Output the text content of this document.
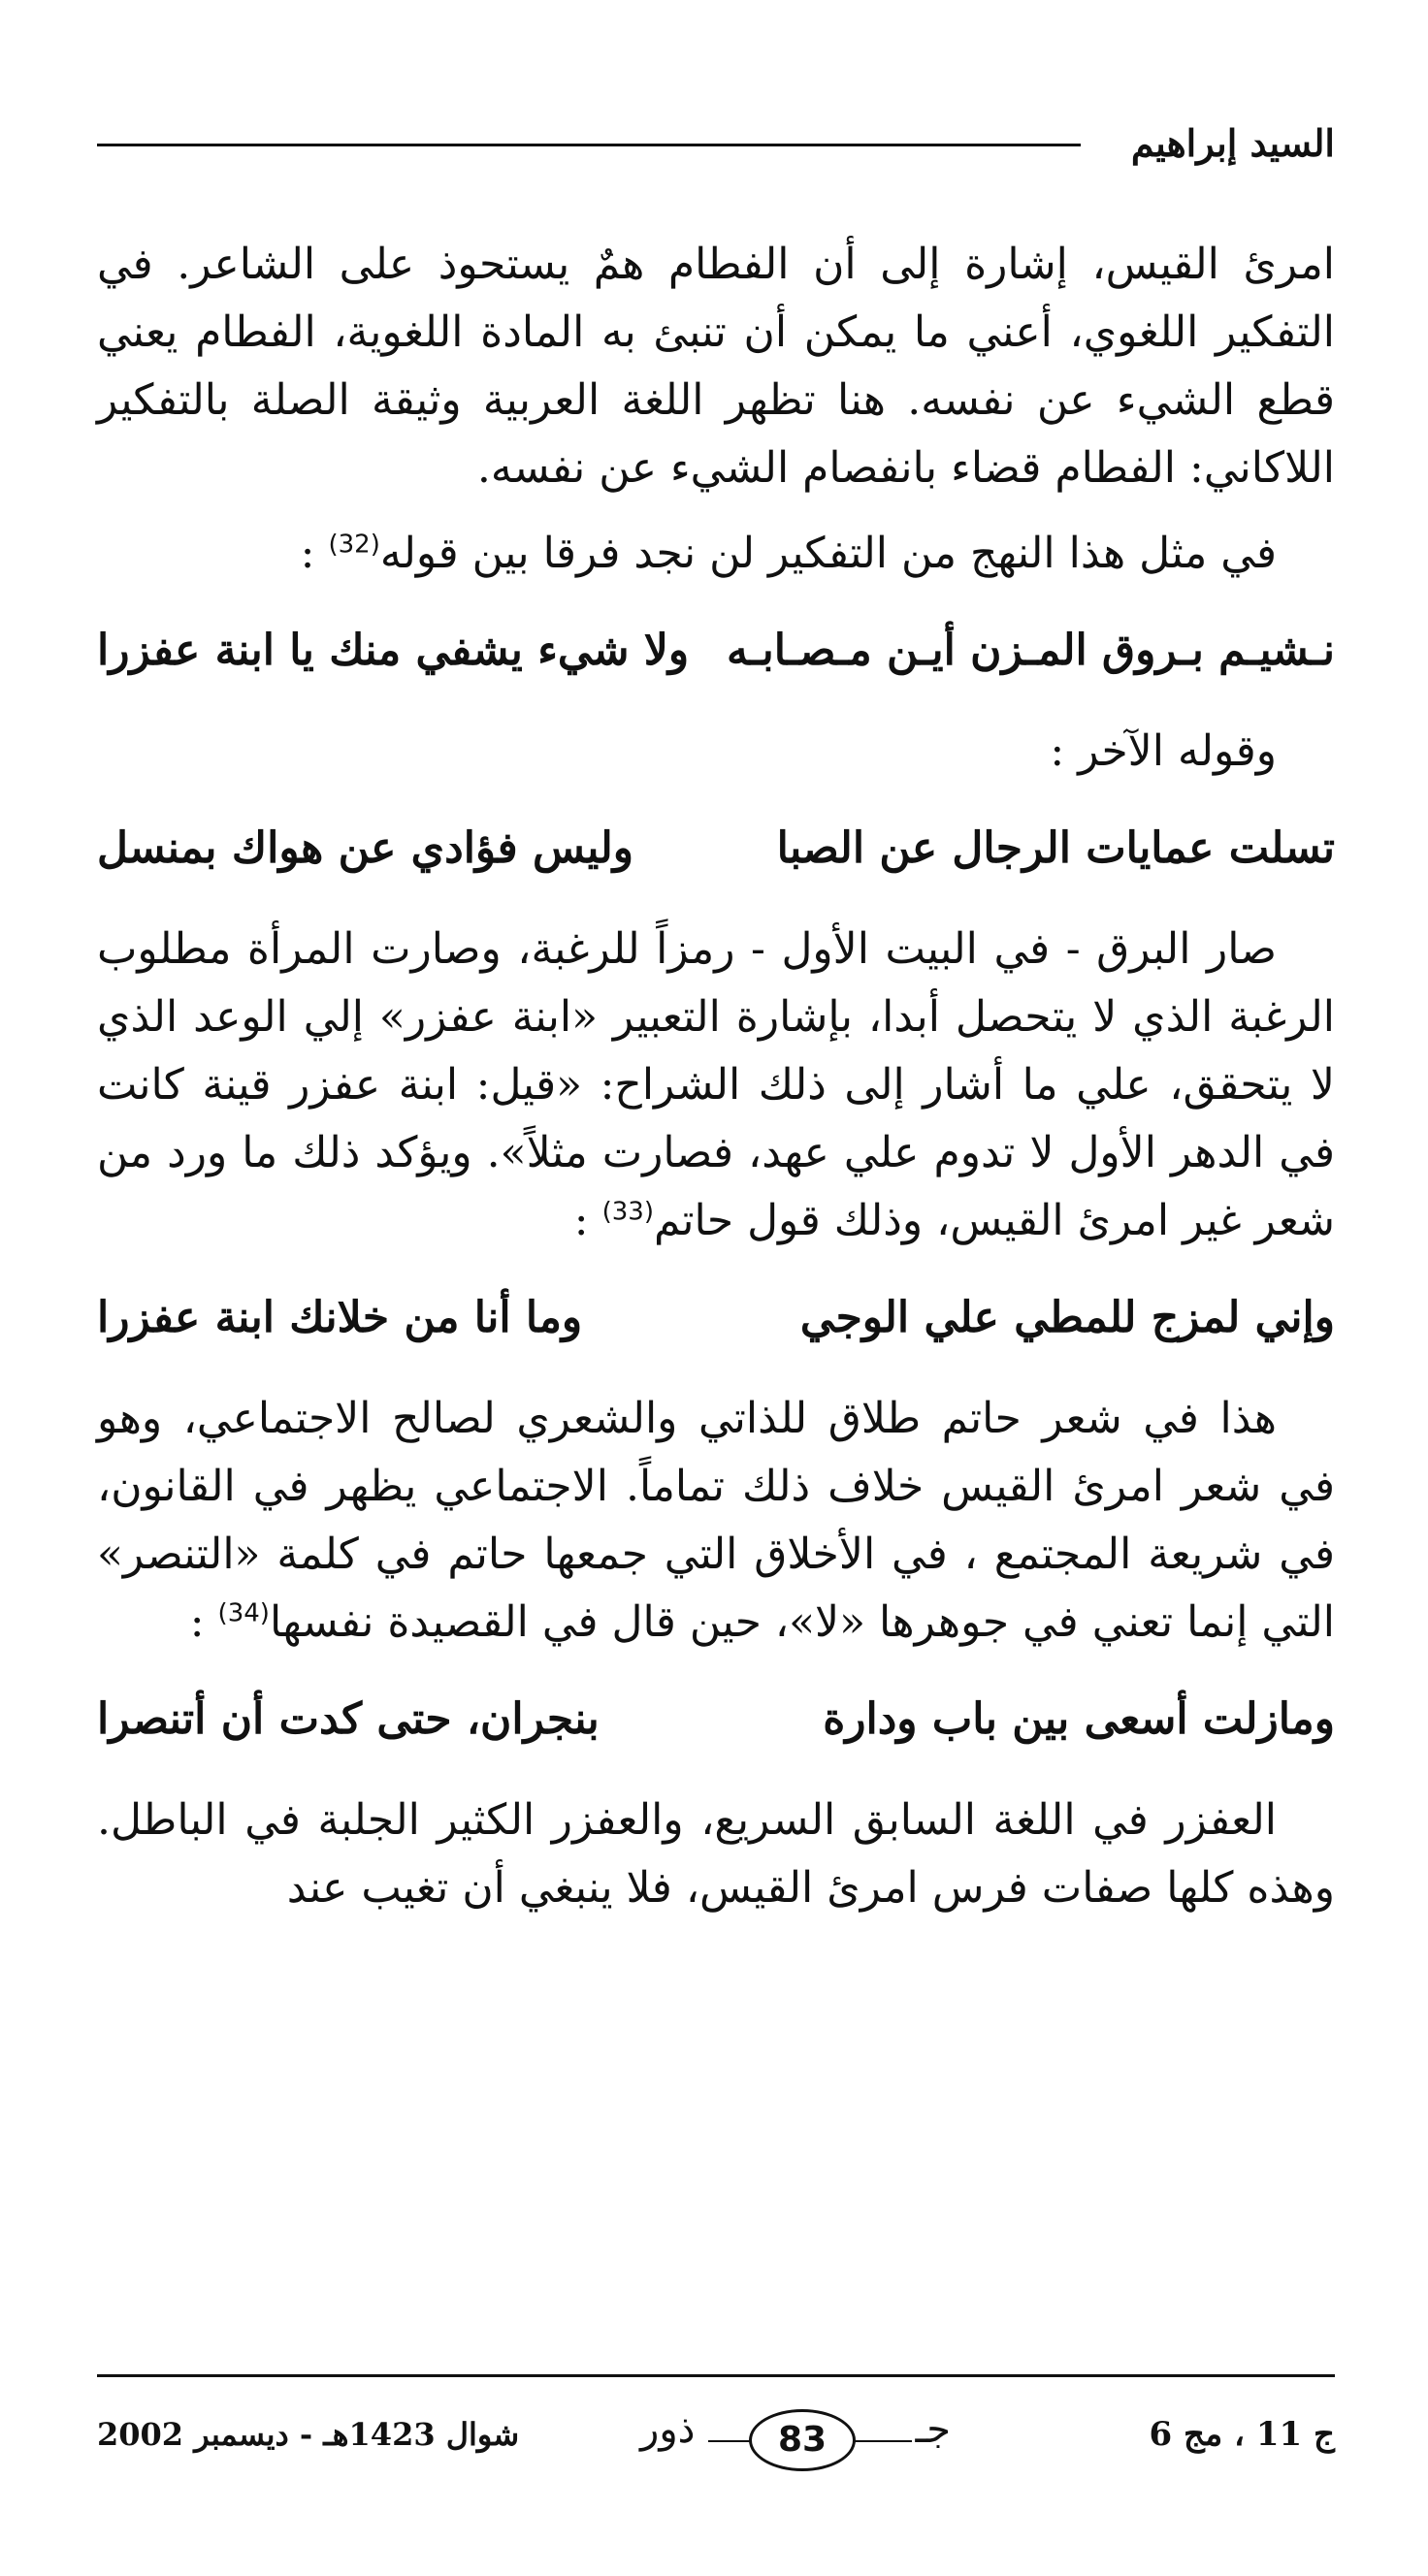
السيد إبراهيم

امرئ القيس، إشارة إلى أن الفطام همٌ يستحوذ على الشاعر. في التفكير اللغوي، أعني ما يمكن أن تنبئ به المادة اللغوية، الفطام يعني قطع الشيء عن نفسه. هنا تظهر اللغة العربية وثيقة الصلة بالتفكير اللاكاني: الفطام قضاء بانفصام الشيء عن نفسه.

في مثل هذا النهج من التفكير لن نجد فرقا بين قوله$^{(32)}$ :

نـشيـم بـروق المـزن أيـن مـصـابـه
ولا شيء يشفي منك يا ابنة عفزرا

وقوله الآخر :

تسلت عمايات الرجال عن الصبا
وليس فؤادي عن هواك بمنسل

صار البرق - في البيت الأول - رمزاً للرغبة، وصارت المرأة مطلوب الرغبة الذي لا يتحصل أبدا، بإشارة التعبير «ابنة عفزر» إلي الوعد الذي لا يتحقق، علي ما أشار إلى ذلك الشراح: «قيل: ابنة عفزر قينة كانت في الدهر الأول لا تدوم علي عهد، فصارت مثلاً». ويؤكد ذلك ما ورد من شعر غير امرئ القيس، وذلك قول حاتم$^{(33)}$ :

وإني لمزج للمطي علي الوجي
وما أنا من خلانك ابنة عفزرا

هذا في شعر حاتم طلاق للذاتي والشعري لصالح الاجتماعي، وهو في شعر امرئ القيس خلاف ذلك تماماً. الاجتماعي يظهر في القانون، في شريعة المجتمع ، في الأخلاق التي جمعها حاتم في كلمة «التنصر» التي إنما تعني في جوهرها «لا»، حين قال في القصيدة نفسها$^{(34)}$ :

ومازلت أسعى بين باب ودارة
بنجران، حتى كدت أن أتنصرا

العفزر في اللغة السابق السريع، والعفزر الكثير الجلبة في الباطل. وهذه كلها صفات فرس امرئ القيس، فلا ينبغي أن تغيب عند

ج 11 ، مج 6
جـ
83
ذور
شوال 1423هـ - ديسمبر 2002
